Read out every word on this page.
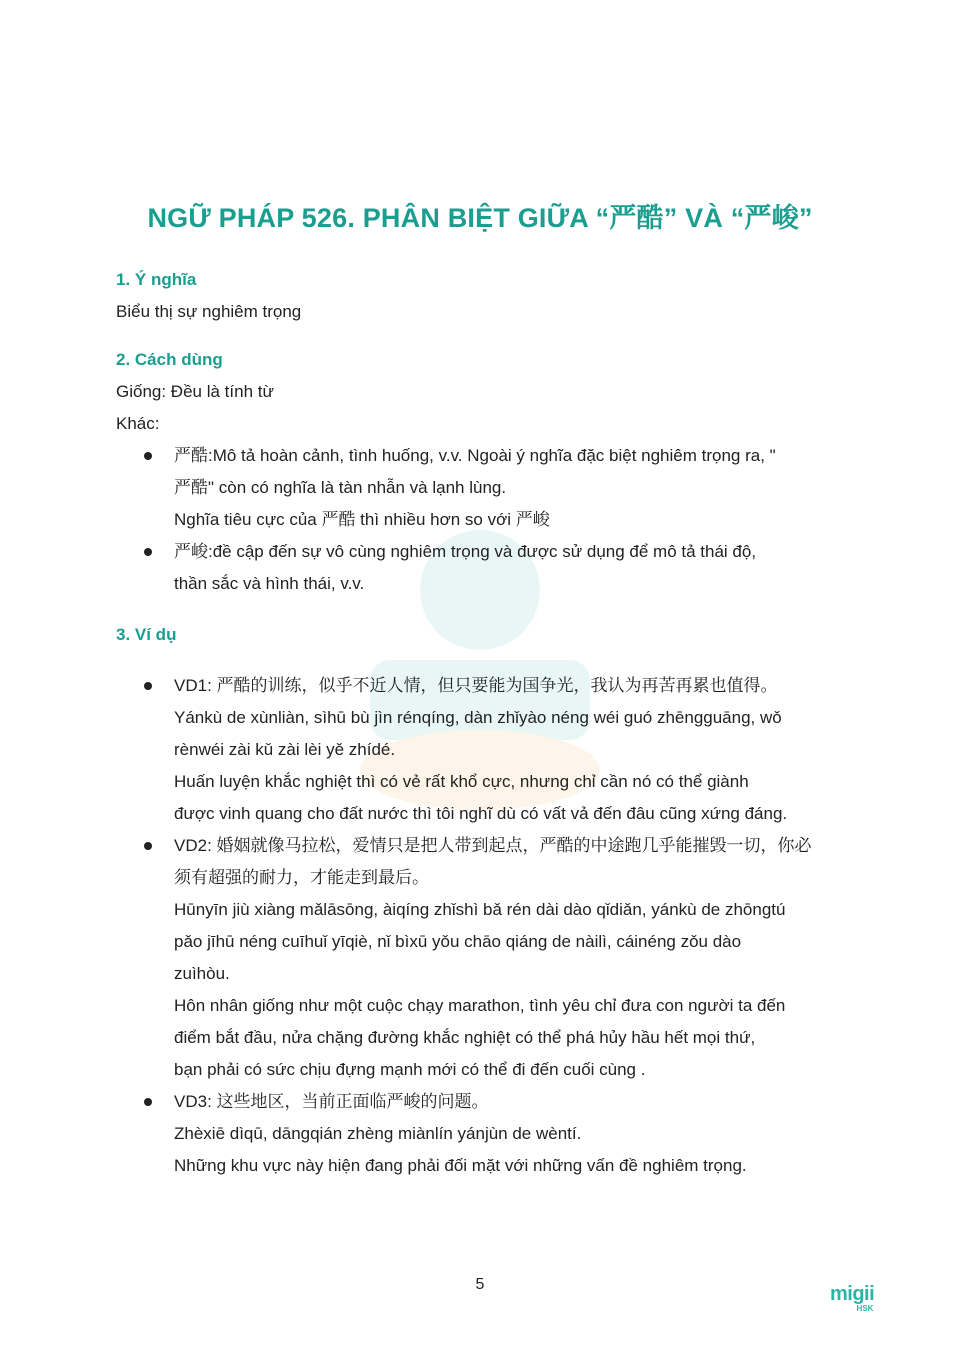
NGỮ PHÁP 526. PHÂN BIỆT GIỮA “严酷” VÀ “严峻”
1. Ý nghĩa
Biểu thị sự nghiêm trọng
2. Cách dùng
Giống: Đều là tính từ
Khác:
严酷:Mô tả hoàn cảnh, tình huống, v.v. Ngoài ý nghĩa đặc biệt nghiêm trọng ra, "
严酷" còn có nghĩa là tàn nhẫn và lạnh lùng.
Nghĩa tiêu cực của 严酷 thì nhiều hơn so với 严峻
严峻:đề cập đến sự vô cùng nghiêm trọng và được sử dụng để mô tả thái độ,
thần sắc và hình thái, v.v.
3. Ví dụ
VD1: 严酷的训练，似乎不近人情，但只要能为国争光，我认为再苦再累也值得。
Yánkù de xùnliàn, sìhū bù jìn rénqíng, dàn zhǐyào néng wéi guó zhēngguāng, wǒ
rènwéi zài kǔ zài lèi yě zhídé.
Huấn luyện khắc nghiệt thì có vẻ rất khổ cực, nhưng chỉ cần nó có thể giành
được vinh quang cho đất nước thì tôi nghĩ dù có vất vả đến đâu cũng xứng đáng.
VD2: 婚姻就像马拉松，爱情只是把人带到起点，严酷的中途跑几乎能摧毁一切，你必
须有超强的耐力，才能走到最后。
Hūnyīn jiù xiàng mǎlāsōng, àiqíng zhǐshì bǎ rén dài dào qǐdiǎn, yánkù de zhōngtú
pǎo jīhū néng cuīhuǐ yīqiè, nǐ bìxū yǒu chāo qiáng de nàilì, cáinéng zǒu dào
zuìhòu.
Hôn nhân giống như một cuộc chạy marathon, tình yêu chỉ đưa con người ta đến
điểm bắt đầu, nửa chặng đường khắc nghiệt có thể phá hủy hầu hết mọi thứ,
bạn phải có sức chịu đựng mạnh mới có thể đi đến cuối cùng .
VD3: 这些地区，当前正面临严峻的问题。
Zhèxiē dìqū, dāngqián zhèng miànlín yánjùn de wèntí.
Những khu vực này hiện đang phải đối mặt với những vấn đề nghiêm trọng.
5	migii
HSK
